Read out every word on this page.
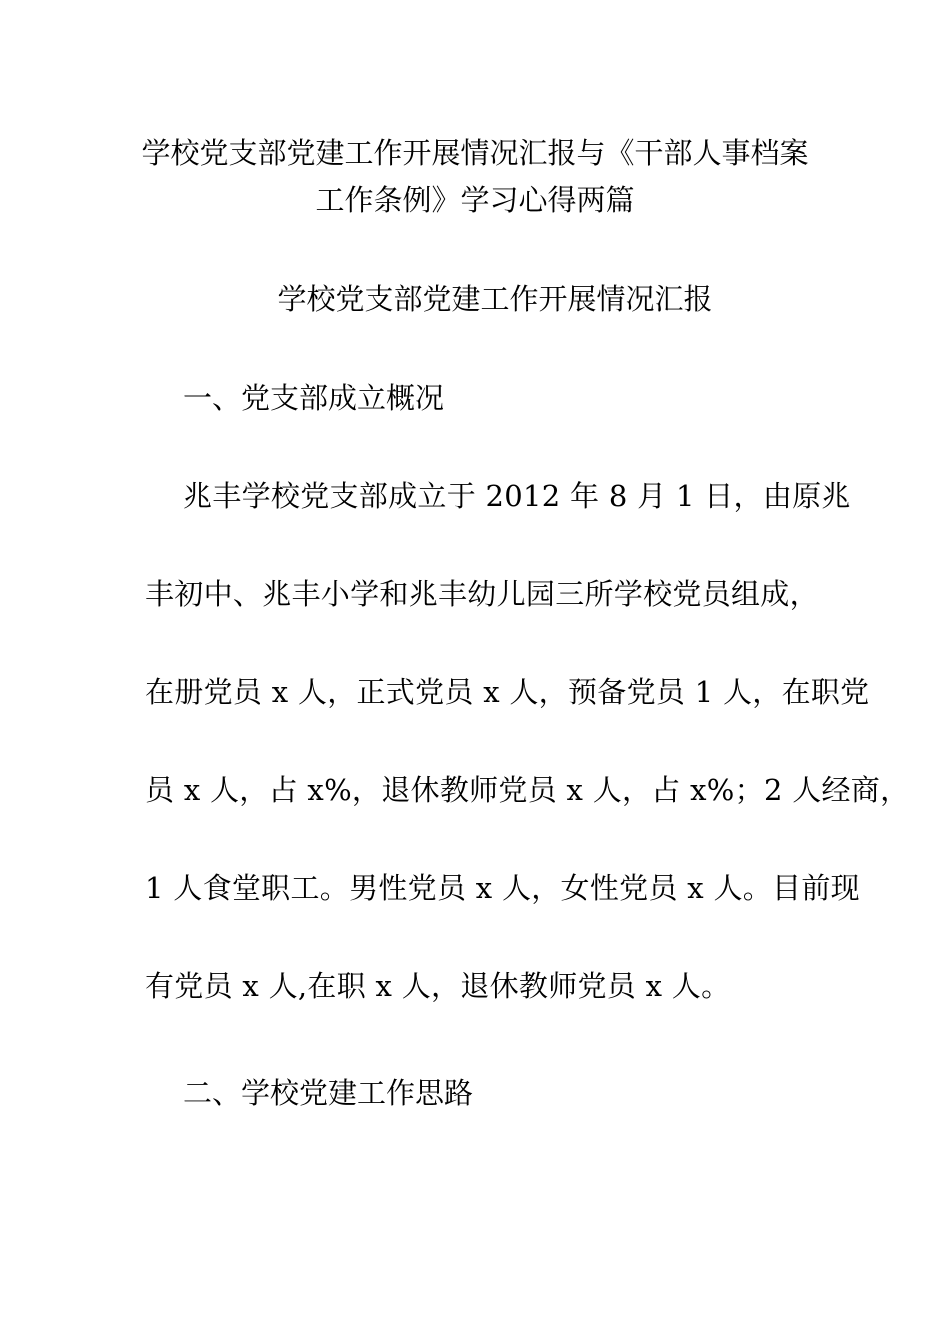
学校党支部党建工作开展情况汇报与《干部人事档案
工作条例》学习心得两篇
学校党支部党建工作开展情况汇报

一、党支部成立概况

兆丰学校党支部成立于 2012 年 8 月 1 日，由原兆

丰初中、兆丰小学和兆丰幼儿园三所学校党员组成，

在册党员 x 人，正式党员 x 人，预备党员 1 人，在职党

员 x 人，占 x%，退休教师党员 x 人，占 x%；2 人经商，

1 人食堂职工。男性党员 x 人，女性党员 x 人。目前现

有党员 x 人,在职 x 人，退休教师党员 x 人。

二、学校党建工作思路
